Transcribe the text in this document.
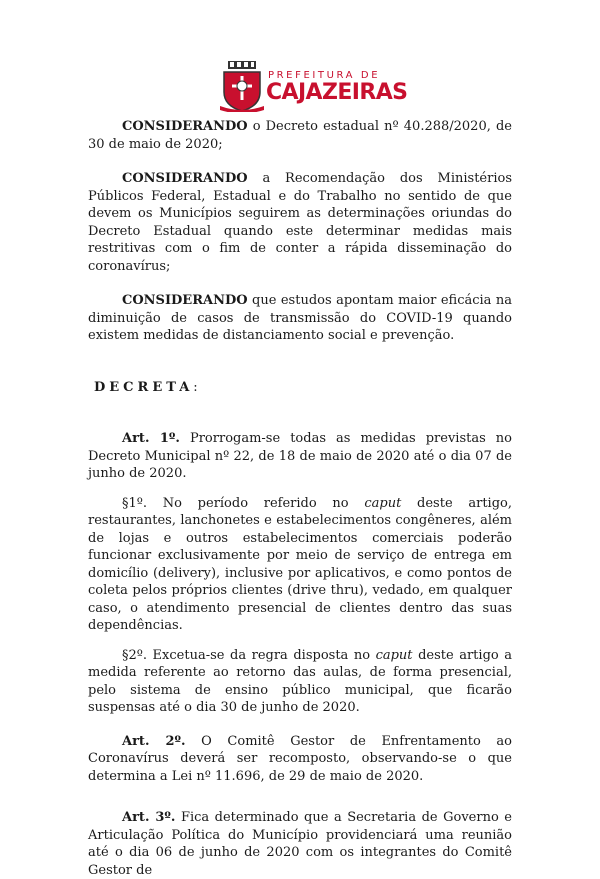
PREFEITURA DE
CAJAZEIRAS

CONSIDERANDO o Decreto estadual nº 40.288/2020, de 30 de maio de 2020;

CONSIDERANDO a Recomendação dos Ministérios Públicos Federal, Estadual e do Trabalho no sentido de que devem os Municípios seguirem as determinações oriundas do Decreto Estadual quando este determinar medidas mais restritivas com o fim de conter a rápida disseminação do coronavírus;

CONSIDERANDO que estudos apontam maior eficácia na diminuição de casos de transmissão do COVID-19 quando existem medidas de distanciamento social e prevenção.

DECRETA:

Art. 1º. Prorrogam-se todas as medidas previstas no Decreto Municipal nº 22, de 18 de maio de 2020 até o dia 07 de junho de 2020.

§1º. No período referido no caput deste artigo, restaurantes, lanchonetes e estabelecimentos congêneres, além de lojas e outros estabelecimentos comerciais poderão funcionar exclusivamente por meio de serviço de entrega em domicílio (delivery), inclusive por aplicativos, e como pontos de coleta pelos próprios clientes (drive thru), vedado, em qualquer caso, o atendimento presencial de clientes dentro das suas dependências.

§2º. Excetua-se da regra disposta no caput deste artigo a medida referente ao retorno das aulas, de forma presencial, pelo sistema de ensino público municipal, que ficarão suspensas até o dia 30 de junho de 2020.

Art. 2º. O Comitê Gestor de Enfrentamento ao Coronavírus deverá ser recomposto, observando-se o que determina a Lei nº 11.696, de 29 de maio de 2020.

Art. 3º. Fica determinado que a Secretaria de Governo e Articulação Política do Município providenciará uma reunião até o dia 06 de junho de 2020 com os integrantes do Comitê Gestor de
